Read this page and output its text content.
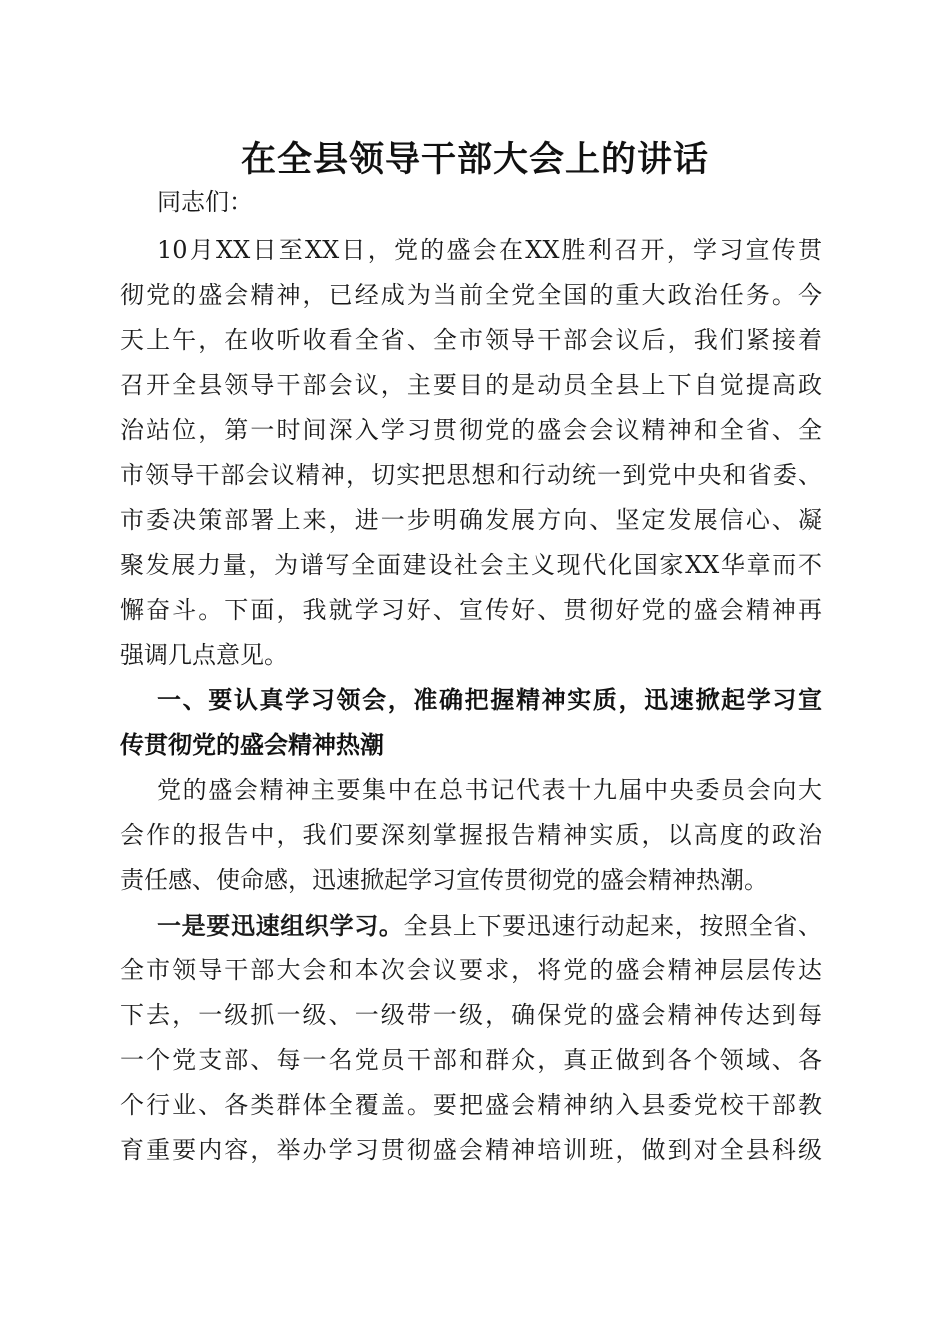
在全县领导干部大会上的讲话
同志们：
10月XX日至XX日，党的盛会在XX胜利召开，学习宣传贯
彻党的盛会精神，已经成为当前全党全国的重大政治任务。今
天上午，在收听收看全省、全市领导干部会议后，我们紧接着
召开全县领导干部会议，主要目的是动员全县上下自觉提高政
治站位，第一时间深入学习贯彻党的盛会会议精神和全省、全
市领导干部会议精神，切实把思想和行动统一到党中央和省委、
市委决策部署上来，进一步明确发展方向、坚定发展信心、凝
聚发展力量，为谱写全面建设社会主义现代化国家XX华章而不
懈奋斗。下面，我就学习好、宣传好、贯彻好党的盛会精神再
强调几点意见。
一、要认真学习领会，准确把握精神实质，迅速掀起学习宣
传贯彻党的盛会精神热潮
党的盛会精神主要集中在总书记代表十九届中央委员会向大
会作的报告中，我们要深刻掌握报告精神实质，以高度的政治
责任感、使命感，迅速掀起学习宣传贯彻党的盛会精神热潮。
一是要迅速组织学习。全县上下要迅速行动起来，按照全省、
全市领导干部大会和本次会议要求，将党的盛会精神层层传达
下去，一级抓一级、一级带一级，确保党的盛会精神传达到每
一个党支部、每一名党员干部和群众，真正做到各个领域、各
个行业、各类群体全覆盖。要把盛会精神纳入县委党校干部教
育重要内容，举办学习贯彻盛会精神培训班，做到对全县科级
